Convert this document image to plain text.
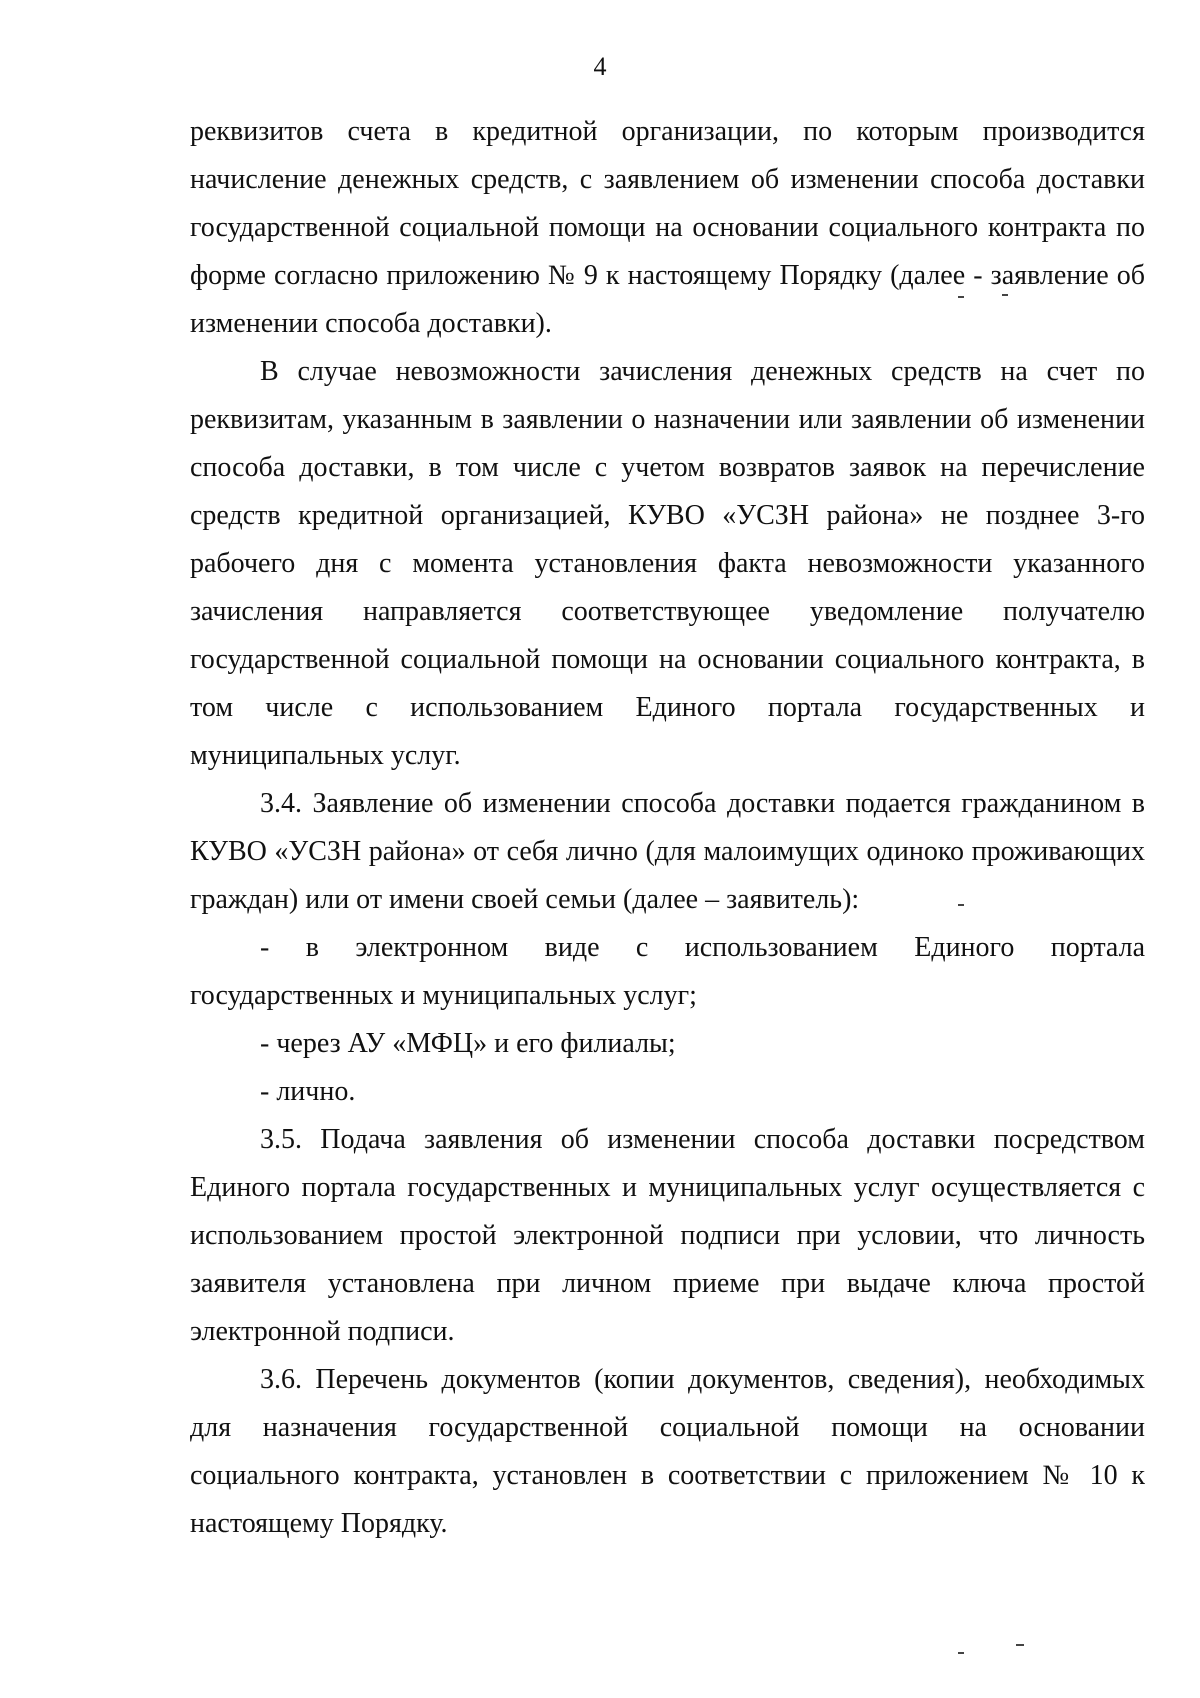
4

реквизитов счета в кредитной организации, по которым производится начисление денежных средств, с заявлением об изменении способа доставки государственной социальной помощи на основании социального контракта по форме согласно приложению № 9 к настоящему Порядку (далее - заявление об изменении способа доставки).

В случае невозможности зачисления денежных средств на счет по реквизитам, указанным в заявлении о назначении или заявлении об изменении способа доставки, в том числе с учетом возвратов заявок на перечисление средств кредитной организацией, КУВО «УСЗН района» не позднее 3-го рабочего дня с момента установления факта невозможности указанного зачисления направляется соответствующее уведомление получателю государственной социальной помощи на основании социального контракта, в том числе с использованием Единого портала государственных и муниципальных услуг.

3.4. Заявление об изменении способа доставки подается гражданином в КУВО «УСЗН района» от себя лично (для малоимущих одиноко проживающих граждан) или от имени своей семьи (далее – заявитель):

- в электронном виде с использованием Единого портала государственных и муниципальных услуг;

- через АУ «МФЦ» и его филиалы;

- лично.

3.5. Подача заявления об изменении способа доставки посредством Единого портала государственных и муниципальных услуг осуществляется с использованием простой электронной подписи при условии, что личность заявителя установлена при личном приеме при выдаче ключа простой электронной подписи.

3.6. Перечень документов (копии документов, сведения), необходимых для назначения государственной социальной помощи на основании социального контракта, установлен в соответствии с приложением № 10 к настоящему Порядку.
